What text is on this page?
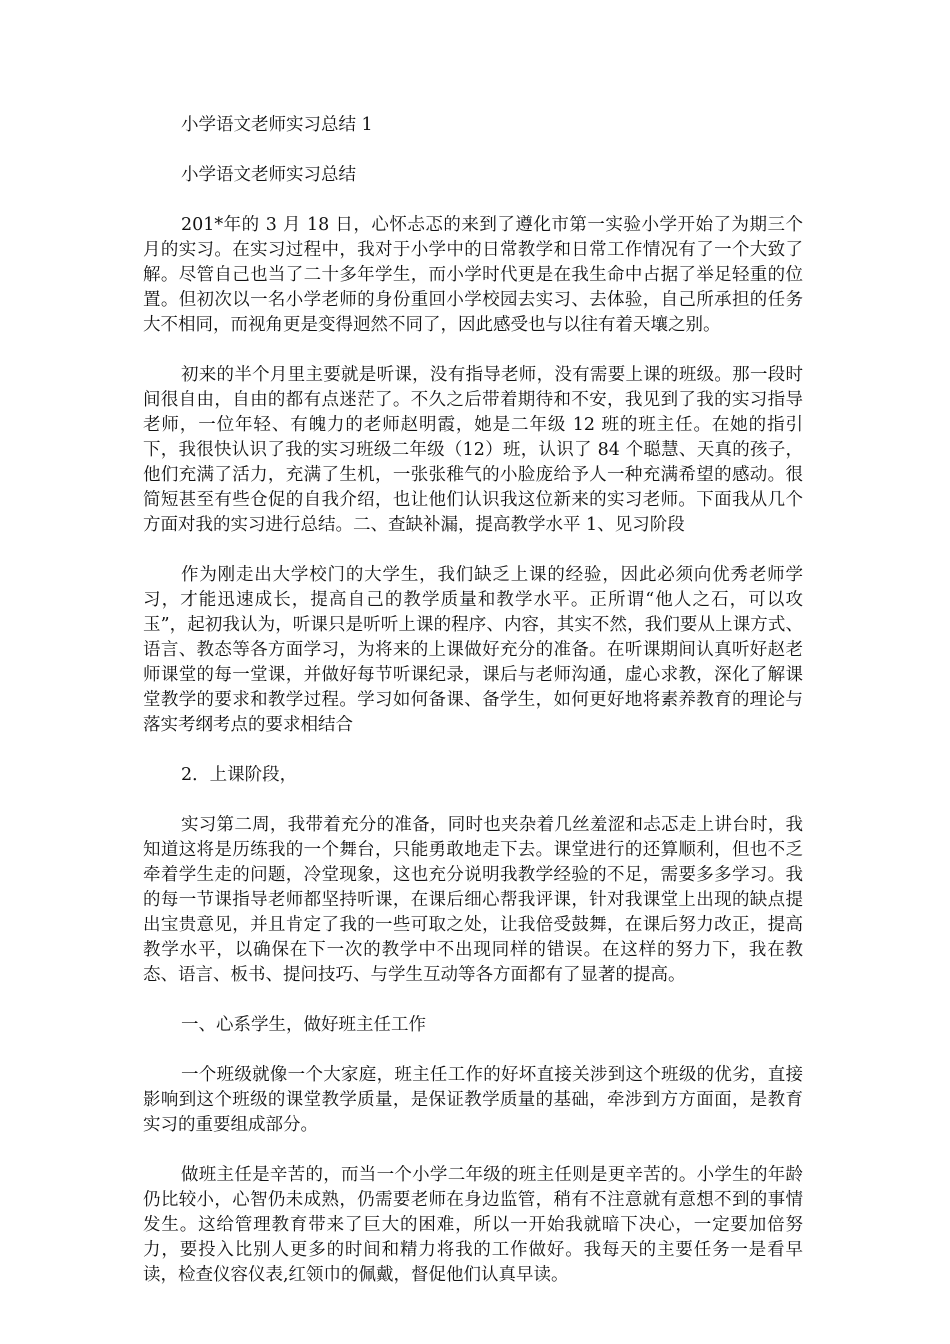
小学语文老师实习总结 1

小学语文老师实习总结

201*年的 3 月 18 日，心怀忐忑的来到了遵化市第一实验小学开始了为期三个月的实习。在实习过程中，我对于小学中的日常教学和日常工作情况有了一个大致了解。尽管自己也当了二十多年学生，而小学时代更是在我生命中占据了举足轻重的位置。但初次以一名小学老师的身份重回小学校园去实习、去体验，自己所承担的任务大不相同，而视角更是变得迥然不同了，因此感受也与以往有着天壤之别。

初来的半个月里主要就是听课，没有指导老师，没有需要上课的班级。那一段时间很自由，自由的都有点迷茫了。不久之后带着期待和不安，我见到了我的实习指导老师，一位年轻、有魄力的老师赵明霞，她是二年级 12 班的班主任。在她的指引下，我很快认识了我的实习班级二年级（12）班，认识了 84 个聪慧、天真的孩子，他们充满了活力，充满了生机，一张张稚气的小脸庞给予人一种充满希望的感动。很简短甚至有些仓促的自我介绍，也让他们认识我这位新来的实习老师。下面我从几个方面对我的实习进行总结。二、查缺补漏，提高教学水平 1、见习阶段

作为刚走出大学校门的大学生，我们缺乏上课的经验，因此必须向优秀老师学习，才能迅速成长，提高自己的教学质量和教学水平。正所谓“他人之石，可以攻玉”，起初我认为，听课只是听听上课的程序、内容，其实不然，我们要从上课方式、语言、教态等各方面学习，为将来的上课做好充分的准备。在听课期间认真听好赵老师课堂的每一堂课，并做好每节听课纪录，课后与老师沟通，虚心求教，深化了解课堂教学的要求和教学过程。学习如何备课、备学生，如何更好地将素养教育的理论与落实考纲考点的要求相结合

2．上课阶段，

实习第二周，我带着充分的准备，同时也夹杂着几丝羞涩和忐忑走上讲台时，我知道这将是历练我的一个舞台，只能勇敢地走下去。课堂进行的还算顺利，但也不乏牵着学生走的问题，冷堂现象，这也充分说明我教学经验的不足，需要多多学习。我的每一节课指导老师都坚持听课，在课后细心帮我评课，针对我课堂上出现的缺点提出宝贵意见，并且肯定了我的一些可取之处，让我倍受鼓舞，在课后努力改正，提高教学水平，以确保在下一次的教学中不出现同样的错误。在这样的努力下，我在教态、语言、板书、提问技巧、与学生互动等各方面都有了显著的提高。

一、心系学生，做好班主任工作

一个班级就像一个大家庭，班主任工作的好坏直接关涉到这个班级的优劣，直接影响到这个班级的课堂教学质量，是保证教学质量的基础，牵涉到方方面面，是教育实习的重要组成部分。

做班主任是辛苦的，而当一个小学二年级的班主任则是更辛苦的。小学生的年龄仍比较小，心智仍未成熟，仍需要老师在身边监管，稍有不注意就有意想不到的事情发生。这给管理教育带来了巨大的困难，所以一开始我就暗下决心，一定要加倍努力，要投入比别人更多的时间和精力将我的工作做好。我每天的主要任务一是看早读，检查仪容仪表,红领巾的佩戴，督促他们认真早读。
